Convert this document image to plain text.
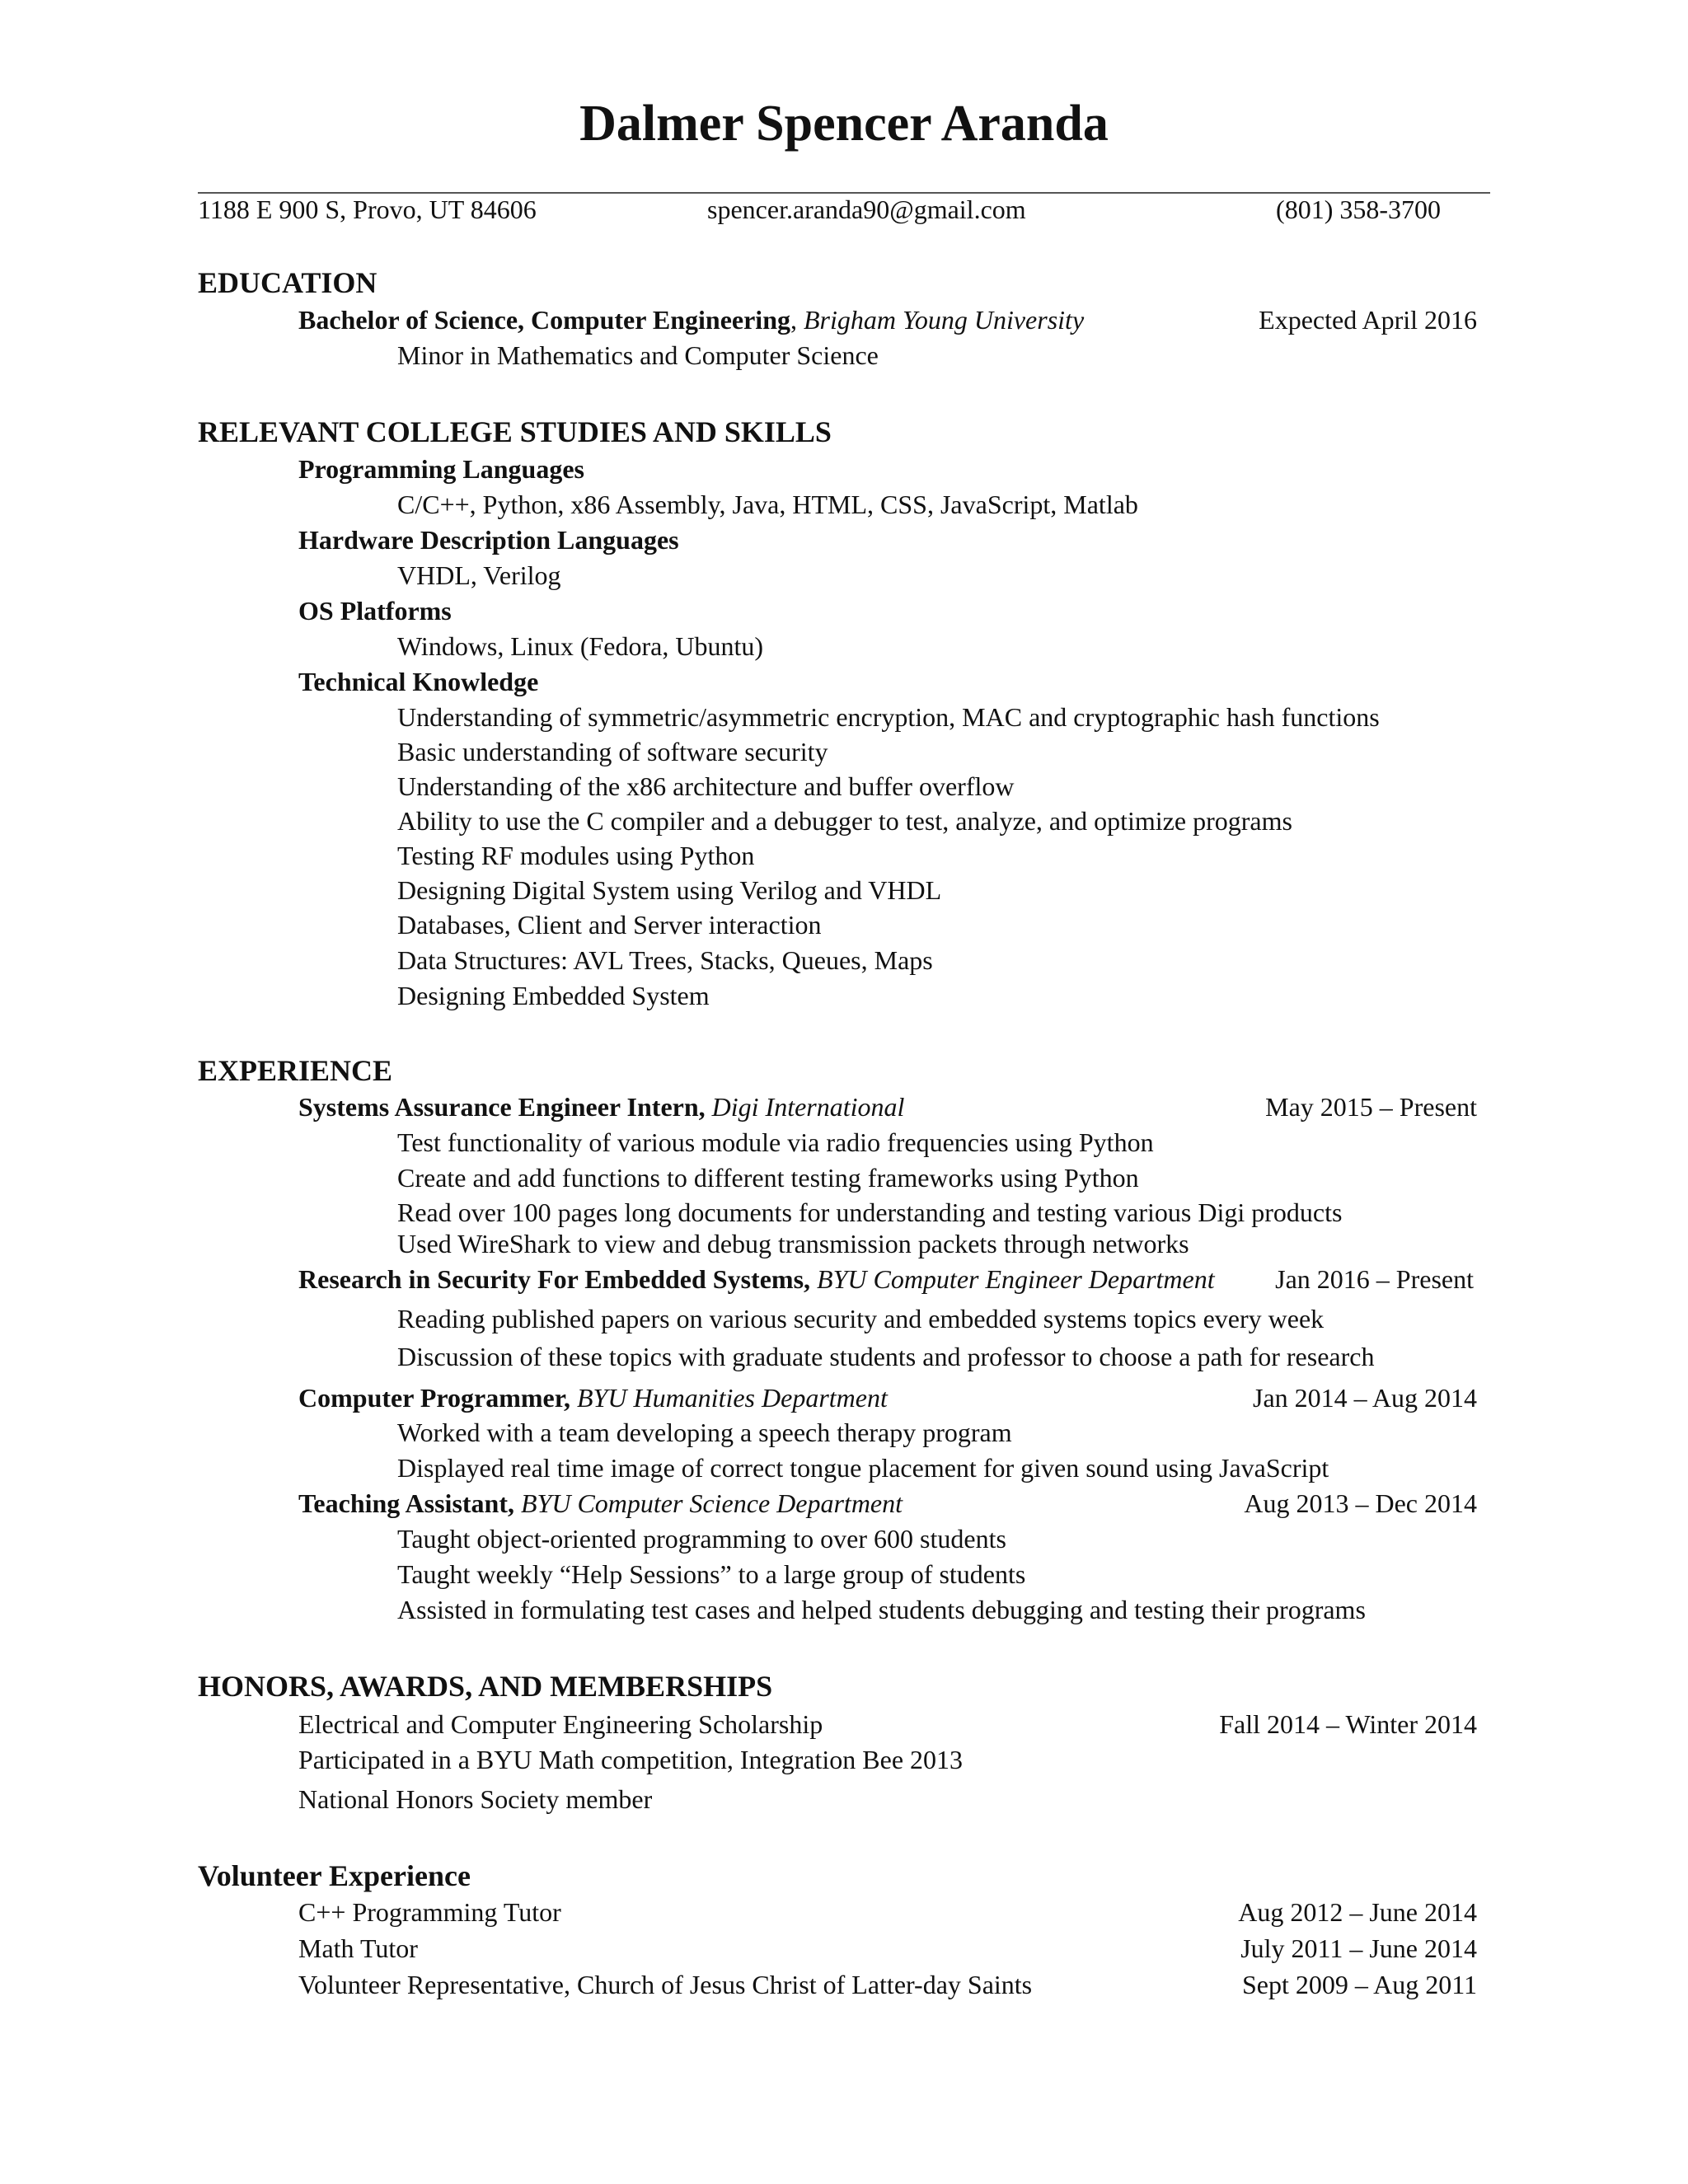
Dalmer Spencer Aranda
1188 E 900 S, Provo, UT 84606	spencer.aranda90@gmail.com	(801) 358-3700
EDUCATION
Bachelor of Science, Computer Engineering, Brigham Young University	Expected April 2016
Minor in Mathematics and Computer Science
RELEVANT COLLEGE STUDIES AND SKILLS
Programming Languages
C/C++, Python, x86 Assembly, Java, HTML, CSS, JavaScript, Matlab
Hardware Description Languages
VHDL, Verilog
OS Platforms
Windows, Linux (Fedora, Ubuntu)
Technical Knowledge
Understanding of symmetric/asymmetric encryption, MAC and cryptographic hash functions
Basic understanding of software security
Understanding of the x86 architecture and buffer overflow
Ability to use the C compiler and a debugger to test, analyze, and optimize programs
Testing RF modules using Python
Designing Digital System using Verilog and VHDL
Databases, Client and Server interaction
Data Structures: AVL Trees, Stacks, Queues, Maps
Designing Embedded System
EXPERIENCE
Systems Assurance Engineer Intern, Digi International	May 2015 – Present
Test functionality of various module via radio frequencies using Python
Create and add functions to different testing frameworks using Python
Read over 100 pages long documents for understanding and testing various Digi products
Used WireShark to view and debug transmission packets through networks
Research in Security For Embedded Systems, BYU Computer Engineer Department Jan 2016 – Present
Reading published papers on various security and embedded systems topics every week
Discussion of these topics with graduate students and professor to choose a path for research
Computer Programmer, BYU Humanities Department	Jan 2014 – Aug 2014
Worked with a team developing a speech therapy program
Displayed real time image of correct tongue placement for given sound using JavaScript
Teaching Assistant, BYU Computer Science Department	Aug 2013 – Dec 2014
Taught object-oriented programming to over 600 students
Taught weekly “Help Sessions” to a large group of students
Assisted in formulating test cases and helped students debugging and testing their programs
HONORS, AWARDS, AND MEMBERSHIPS
Electrical and Computer Engineering Scholarship	Fall 2014 – Winter 2014
Participated in a BYU Math competition, Integration Bee 2013
National Honors Society member
Volunteer Experience
C++ Programming Tutor	Aug 2012 – June 2014
Math Tutor	July 2011 – June 2014
Volunteer Representative, Church of Jesus Christ of Latter-day Saints	Sept 2009 – Aug 2011
